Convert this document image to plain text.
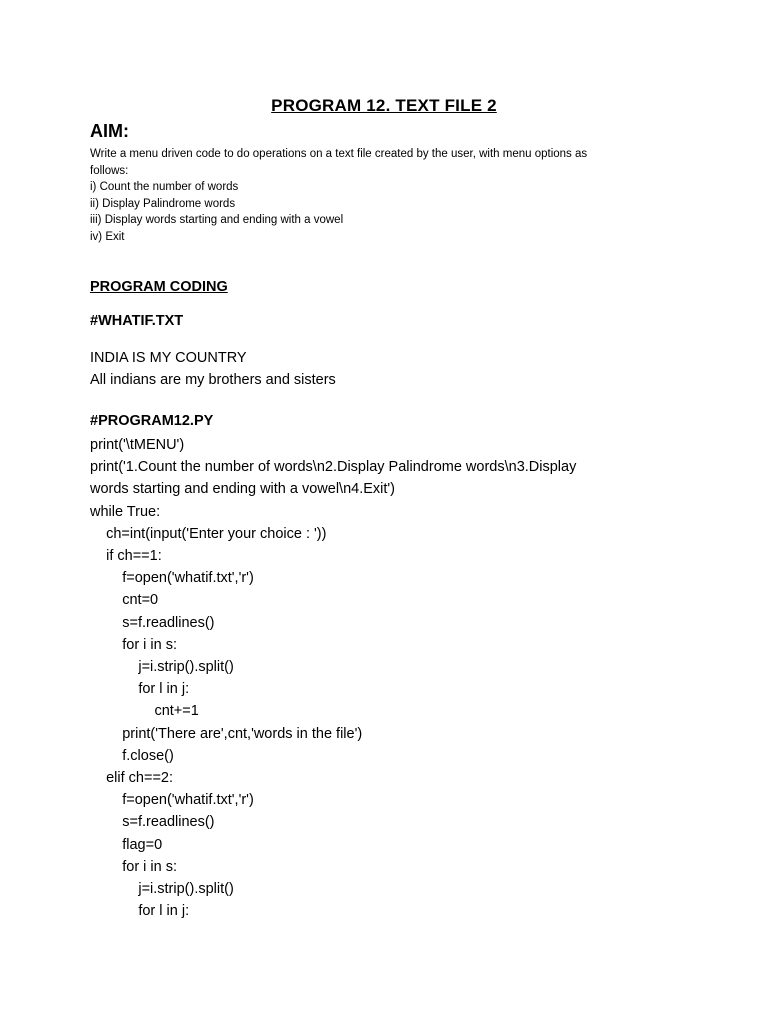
PROGRAM 12. TEXT FILE 2
AIM:
Write a menu driven code to do operations on a text file created by the user, with menu options as
follows:
i) Count the number of words
ii) Display Palindrome words
iii) Display words starting and ending with a vowel
iv) Exit
PROGRAM CODING
#WHATIF.TXT
INDIA IS MY COUNTRY
All indians are my brothers and sisters
#PROGRAM12.PY
print('\tMENU')
print('1.Count the number of words\n2.Display Palindrome words\n3.Display
words starting and ending with a vowel\n4.Exit')
while True:
ch=int(input('Enter your choice : '))
if ch==1:
f=open('whatif.txt','r')
cnt=0
s=f.readlines()
for i in s:
j=i.strip().split()
for l in j:
cnt+=1
print('There are',cnt,'words in the file')
f.close()
elif ch==2:
f=open('whatif.txt','r')
s=f.readlines()
flag=0
for i in s:
j=i.strip().split()
for l in j:
